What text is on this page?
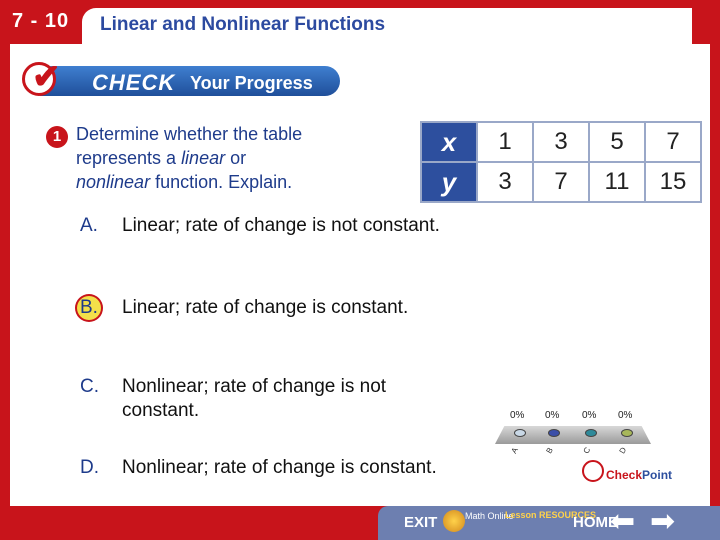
7 - 10 Linear and Nonlinear Functions
CHECK Your Progress
✔
1 Determine whether the table
represents a linear or
nonlinear function. Explain.
x	1	3	5	7
y	3	7	11	15
A. Linear; rate of change is not constant.
B. Linear; rate of change is constant.
C. Nonlinear; rate of change is not constant.
D. Nonlinear; rate of change is constant.
0% 0% 0% 0%
A	B	C	D
CheckPoint
EXIT	Math Online
Lesson RESOURCES
HOME
⬅ ➡
